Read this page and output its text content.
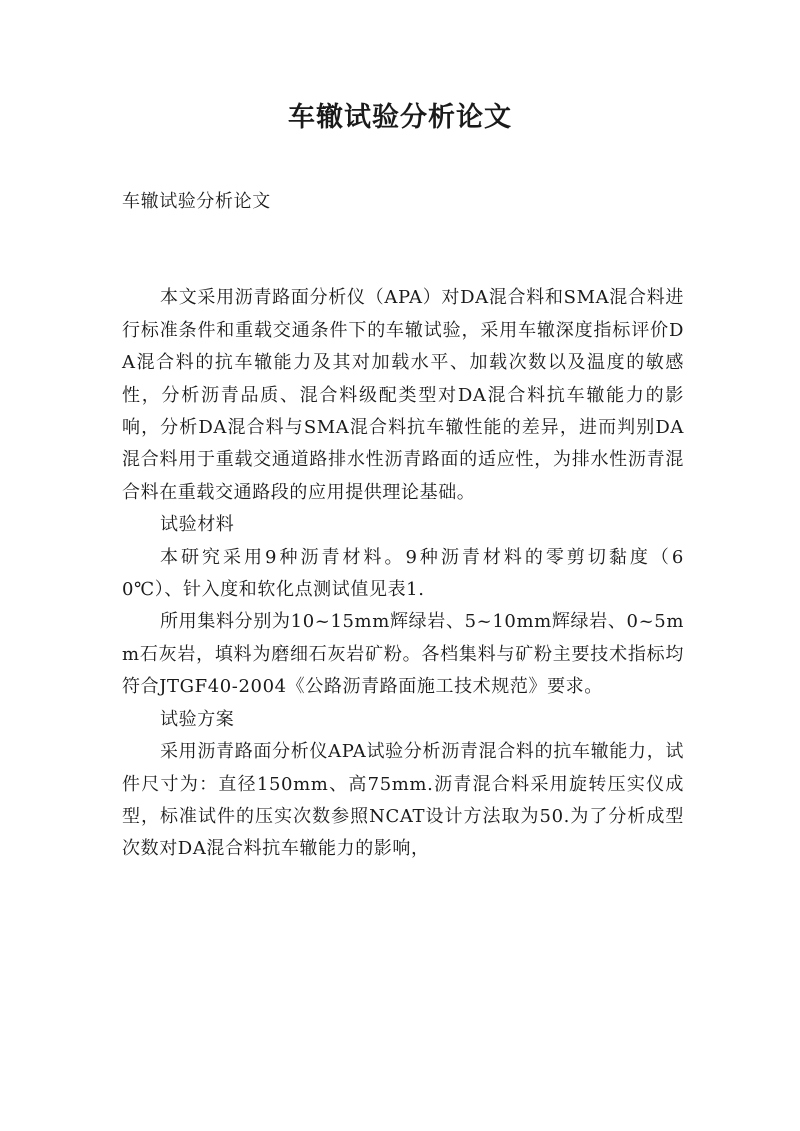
车辙试验分析论文

车辙试验分析论文

本文采用沥青路面分析仪（APA）对DA混合料和SMA混合料进行标准条件和重载交通条件下的车辙试验，采用车辙深度指标评价DA混合料的抗车辙能力及其对加载水平、加载次数以及温度的敏感性，分析沥青品质、混合料级配类型对DA混合料抗车辙能力的影响，分析DA混合料与SMA混合料抗车辙性能的差异，进而判别DA混合料用于重载交通道路排水性沥青路面的适应性，为排水性沥青混合料在重载交通路段的应用提供理论基础。

试验材料

本研究采用9种沥青材料。9种沥青材料的零剪切黏度（60℃）、针入度和软化点测试值见表1.

所用集料分别为10~15mm辉绿岩、5~10mm辉绿岩、0~5mm石灰岩，填料为磨细石灰岩矿粉。各档集料与矿粉主要技术指标均符合JTGF40-2004《公路沥青路面施工技术规范》要求。

试验方案

采用沥青路面分析仪APA试验分析沥青混合料的抗车辙能力，试件尺寸为：直径150mm、高75mm.沥青混合料采用旋转压实仪成型，标准试件的压实次数参照NCAT设计方法取为50.为了分析成型次数对DA混合料抗车辙能力的影响，
